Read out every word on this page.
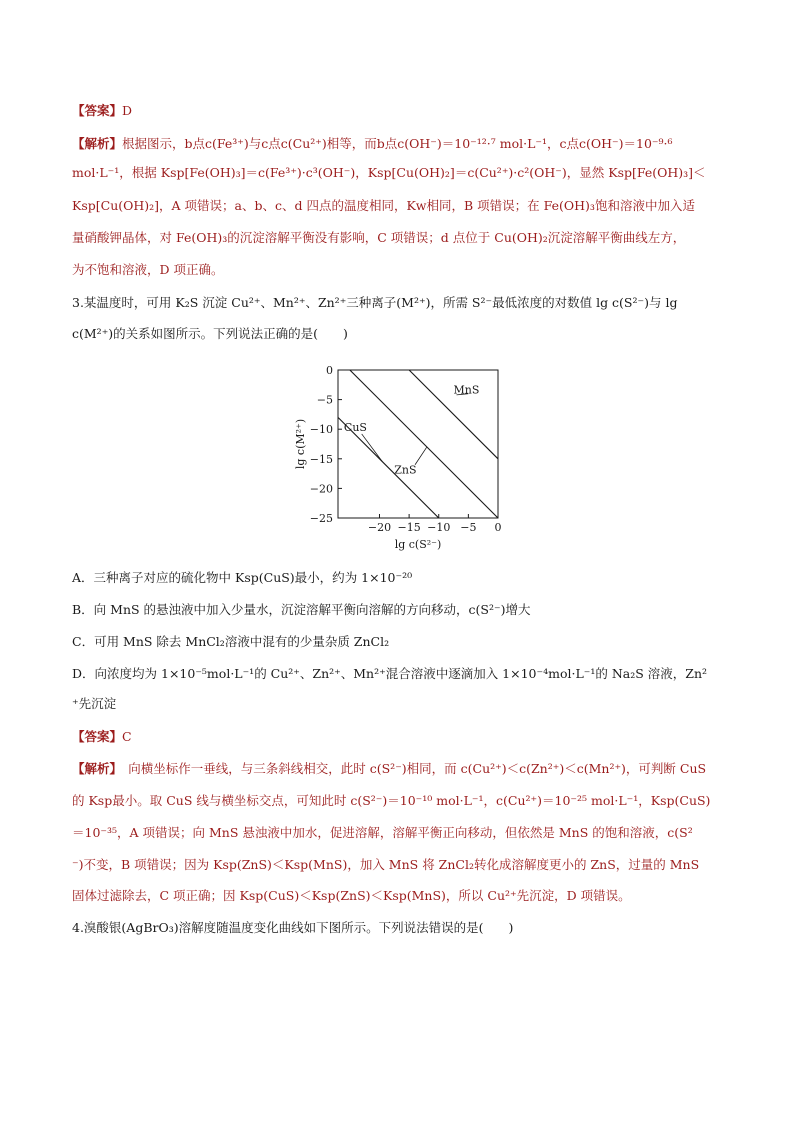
【答案】D
【解析】根据图示，b点c(Fe³⁺)与c点c(Cu²⁺)相等，而b点c(OH⁻)＝10⁻¹²·⁷ mol·L⁻¹，c点c(OH⁻)＝10⁻⁹·⁶
mol·L⁻¹，根据 Ksp[Fe(OH)₃]＝c(Fe³⁺)·c³(OH⁻)，Ksp[Cu(OH)₂]＝c(Cu²⁺)·c²(OH⁻)，显然 Ksp[Fe(OH)₃]＜
Ksp[Cu(OH)₂]，A 项错误；a、b、c、d 四点的温度相同，Kw相同，B 项错误；在 Fe(OH)₃饱和溶液中加入适
量硝酸钾晶体，对 Fe(OH)₃的沉淀溶解平衡没有影响，C 项错误；d 点位于 Cu(OH)₂沉淀溶解平衡曲线左方，
为不饱和溶液，D 项正确。
3.某温度时，可用 K₂S 沉淀 Cu²⁺、Mn²⁺、Zn²⁺三种离子(M²⁺)，所需 S²⁻最低浓度的对数值 lg c(S²⁻)与 lg
c(M²⁺)的关系如图所示。下列说法正确的是(　　)
−20 −15 −10 −5 0
0
−5
−10
−15
−20
−25
lg c(S²⁻)
lg c(M²⁺)	CuS
ZnS
MnS
A．三种离子对应的硫化物中 Ksp(CuS)最小，约为 1×10⁻²⁰
B．向 MnS 的悬浊液中加入少量水，沉淀溶解平衡向溶解的方向移动，c(S²⁻)增大
C．可用 MnS 除去 MnCl₂溶液中混有的少量杂质 ZnCl₂
D．向浓度均为 1×10⁻⁵mol·L⁻¹的 Cu²⁺、Zn²⁺、Mn²⁺混合溶液中逐滴加入 1×10⁻⁴mol·L⁻¹的 Na₂S 溶液，Zn²
⁺先沉淀
【答案】C
【解析】　向横坐标作一垂线，与三条斜线相交，此时 c(S²⁻)相同，而 c(Cu²⁺)＜c(Zn²⁺)＜c(Mn²⁺)，可判断 CuS
的 Ksp最小。取 CuS 线与横坐标交点，可知此时 c(S²⁻)＝10⁻¹⁰ mol·L⁻¹，c(Cu²⁺)＝10⁻²⁵ mol·L⁻¹，Ksp(CuS)
＝10⁻³⁵，A 项错误；向 MnS 悬浊液中加水，促进溶解，溶解平衡正向移动，但依然是 MnS 的饱和溶液，c(S²
⁻)不变，B 项错误；因为 Ksp(ZnS)＜Ksp(MnS)，加入 MnS 将 ZnCl₂转化成溶解度更小的 ZnS，过量的 MnS
固体过滤除去，C 项正确；因 Ksp(CuS)＜Ksp(ZnS)＜Ksp(MnS)，所以 Cu²⁺先沉淀，D 项错误。
4.溴酸银(AgBrO₃)溶解度随温度变化曲线如下图所示。下列说法错误的是(　　)
